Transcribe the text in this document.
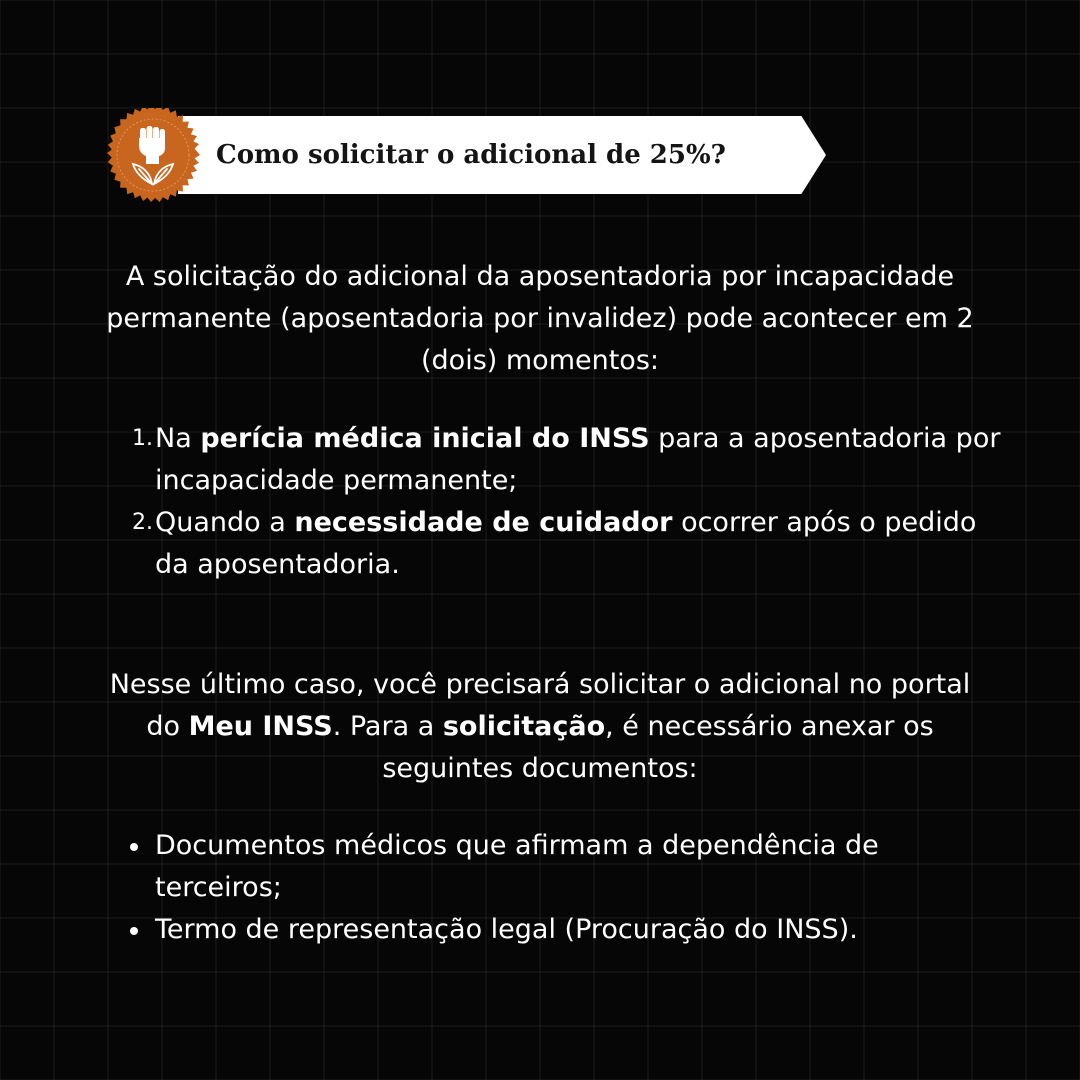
Como solicitar o adicional de 25%?
A solicitação do adicional da aposentadoria por incapacidade permanente (aposentadoria por invalidez) pode acontecer em 2 (dois) momentos:
1. Na perícia médica inicial do INSS para a aposentadoria por incapacidade permanente;
2. Quando a necessidade de cuidador ocorrer após o pedido da aposentadoria.
Nesse último caso, você precisará solicitar o adicional no portal do Meu INSS. Para a solicitação, é necessário anexar os seguintes documentos:
Documentos médicos que afirmam a dependência de terceiros;
Termo de representação legal (Procuração do INSS).
